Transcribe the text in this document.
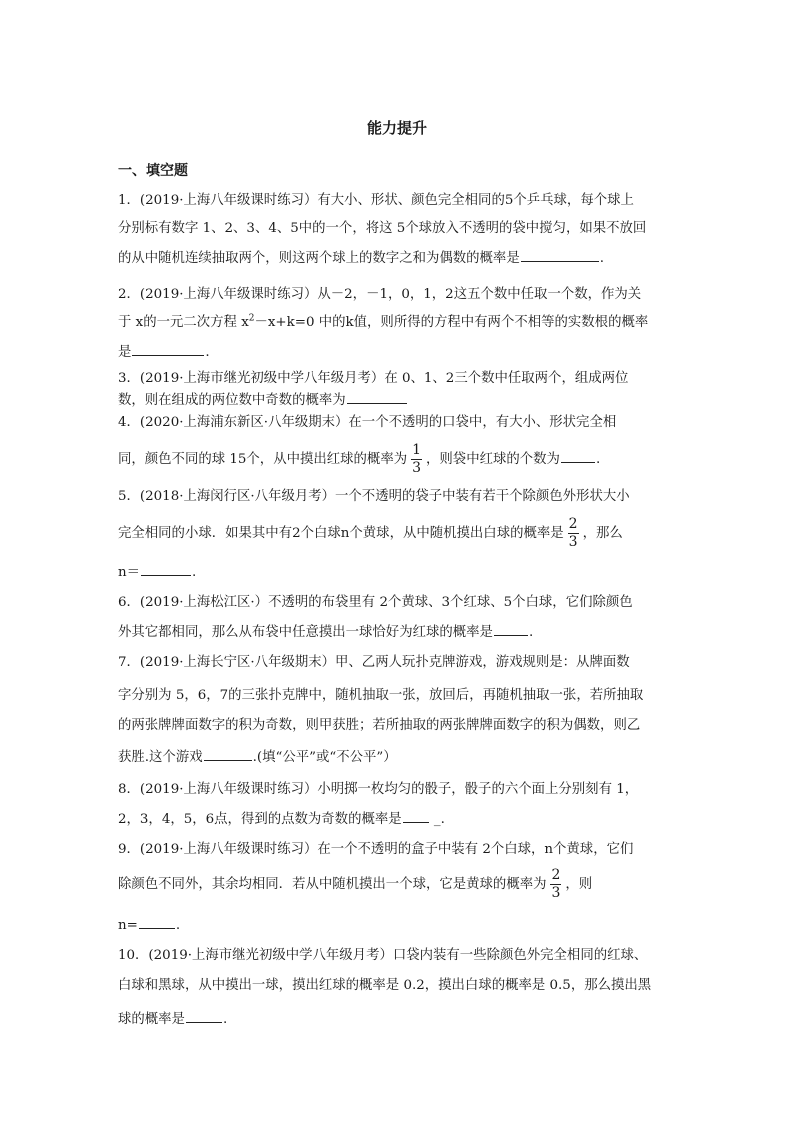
能力提升
一、填空题
1．(2019·上海八年级课时练习）有大小、形状、颜色完全相同的5个乒乓球，每个球上
分别标有数字 1、2、3、4、5中的一个，将这 5个球放入不透明的袋中搅匀，如果不放回
的从中随机连续抽取两个，则这两个球上的数字之和为偶数的概率是	.
2．(2019·上海八年级课时练习）从－2，－1，0，1，2这五个数中任取一个数，作为关
于 x的一元二次方程 $x^2-x+k=0$ 中的k值，则所得的方程中有两个不相等的实数根的概率
是	.
3．(2019·上海市继光初级中学八年级月考）在 0、1、2三个数中任取两个，组成两位
数，则在组成的两位数中奇数的概率为
4．(2020·上海浦东新区·八年级期末）在一个不透明的口袋中，有大小、形状完全相
同，颜色不同的球 15个，从中摸出红球的概率为 $\frac{1}{3}$ ，则袋中红球的个数为	.
5．(2018·上海闵行区·八年级月考）一个不透明的袋子中装有若干个除颜色外形状大小
完全相同的小球．如果其中有2个白球n个黄球，从中随机摸出白球的概率是 $\frac{2}{3}$ ，那么
n＝	.
6．(2019·上海松江区·）不透明的布袋里有 2个黄球、3个红球、5个白球，它们除颜色
外其它都相同，那么从布袋中任意摸出一球恰好为红球的概率是	.
7．(2019·上海长宁区·八年级期末）甲、乙两人玩扑克牌游戏，游戏规则是：从牌面数
字分别为 5，6，7的三张扑克牌中，随机抽取一张，放回后，再随机抽取一张，若所抽取
的两张牌牌面数字的积为奇数，则甲获胜；若所抽取的两张牌牌面数字的积为偶数，则乙
获胜.这个游戏	.(填“公平”或“不公平”）
8．(2019·上海八年级课时练习）小明掷一枚均匀的骰子，骰子的六个面上分别刻有 1，
2，3，4，5，6点，得到的点数为奇数的概率是 _.
9．(2019·上海八年级课时练习）在一个不透明的盒子中装有 2个白球，n个黄球，它们
除颜色不同外，其余均相同．若从中随机摸出一个球，它是黄球的概率为 $\frac{2}{3}$ ，则
n=	.
10．(2019·上海市继光初级中学八年级月考）口袋内装有一些除颜色外完全相同的红球、
白球和黑球，从中摸出一球，摸出红球的概率是 0.2，摸出白球的概率是 0.5，那么摸出黑
球的概率是	.
